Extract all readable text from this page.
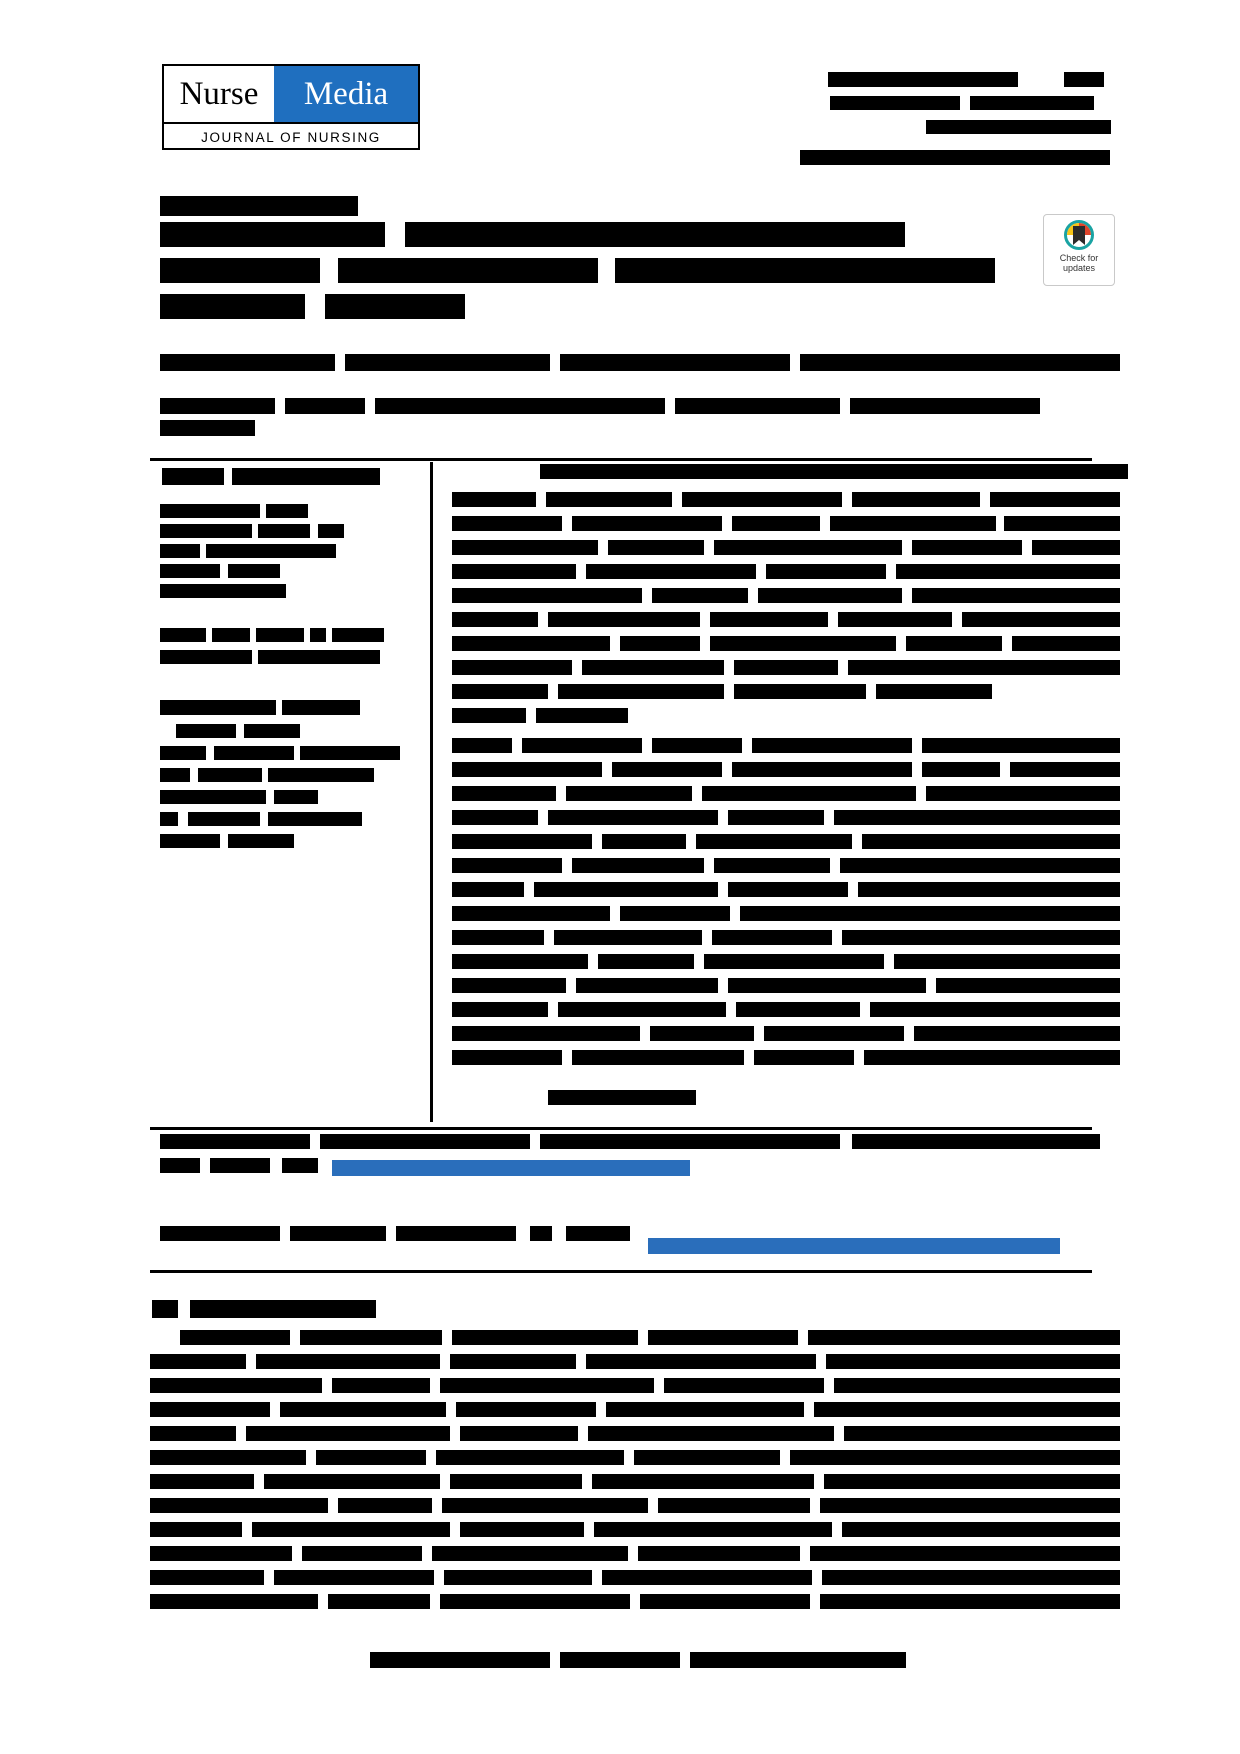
Nurse	Media
JOURNAL OF NURSING
Check for
updates
